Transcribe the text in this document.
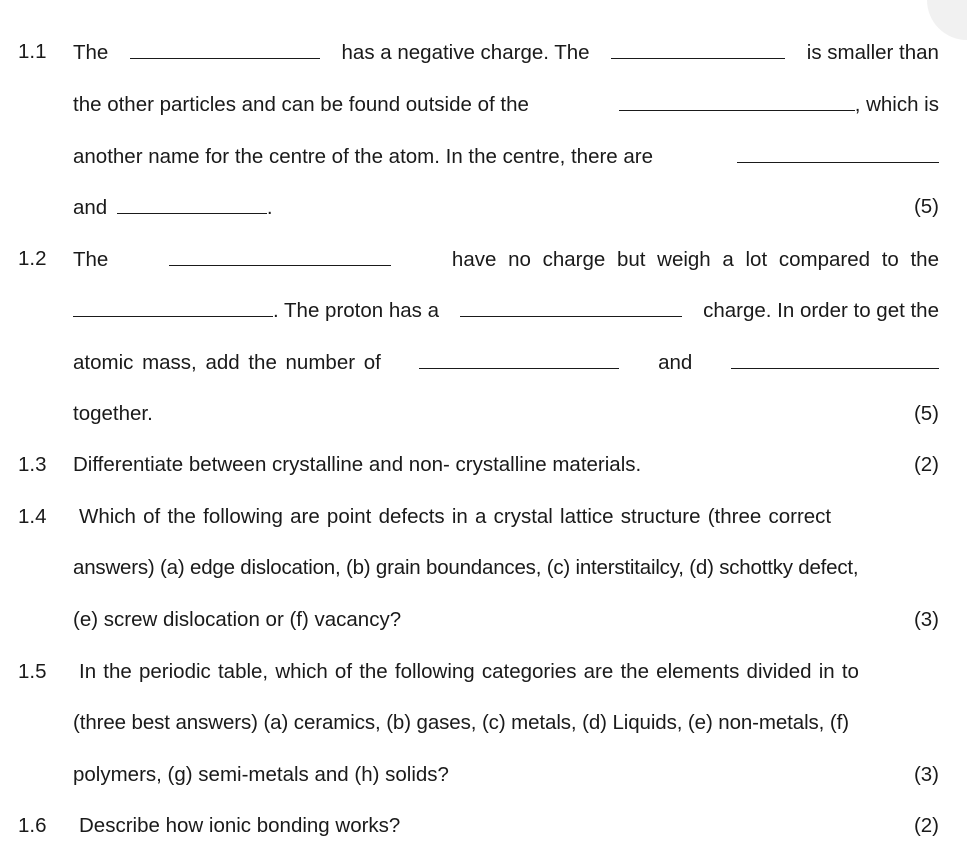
1.1 The	has a negative charge. The	is smaller than
the other particles and can be found outside of the	, which is
another name for the centre of the atom. In the centre, there are
and	.	(5)
1.2 The	have no charge but weigh a lot compared to the
. The proton has a	charge. In order to get the
atomic mass, add the number of	and
together.	(5)
1.3 Differentiate between crystalline and non- crystalline materials.	(2)
1.4 Which of the following are point defects in a crystal lattice structure (three correct
answers) (a) edge dislocation, (b) grain boundances, (c) interstitailcy, (d) schottky defect,
(e) screw dislocation or (f) vacancy?	(3)
1.5 In the periodic table, which of the following categories are the elements divided in to
(three best answers) (a) ceramics, (b) gases, (c) metals, (d) Liquids, (e) non-metals, (f)
polymers, (g) semi-metals and (h) solids?	(3)
1.6 Describe how ionic bonding works?	(2)
